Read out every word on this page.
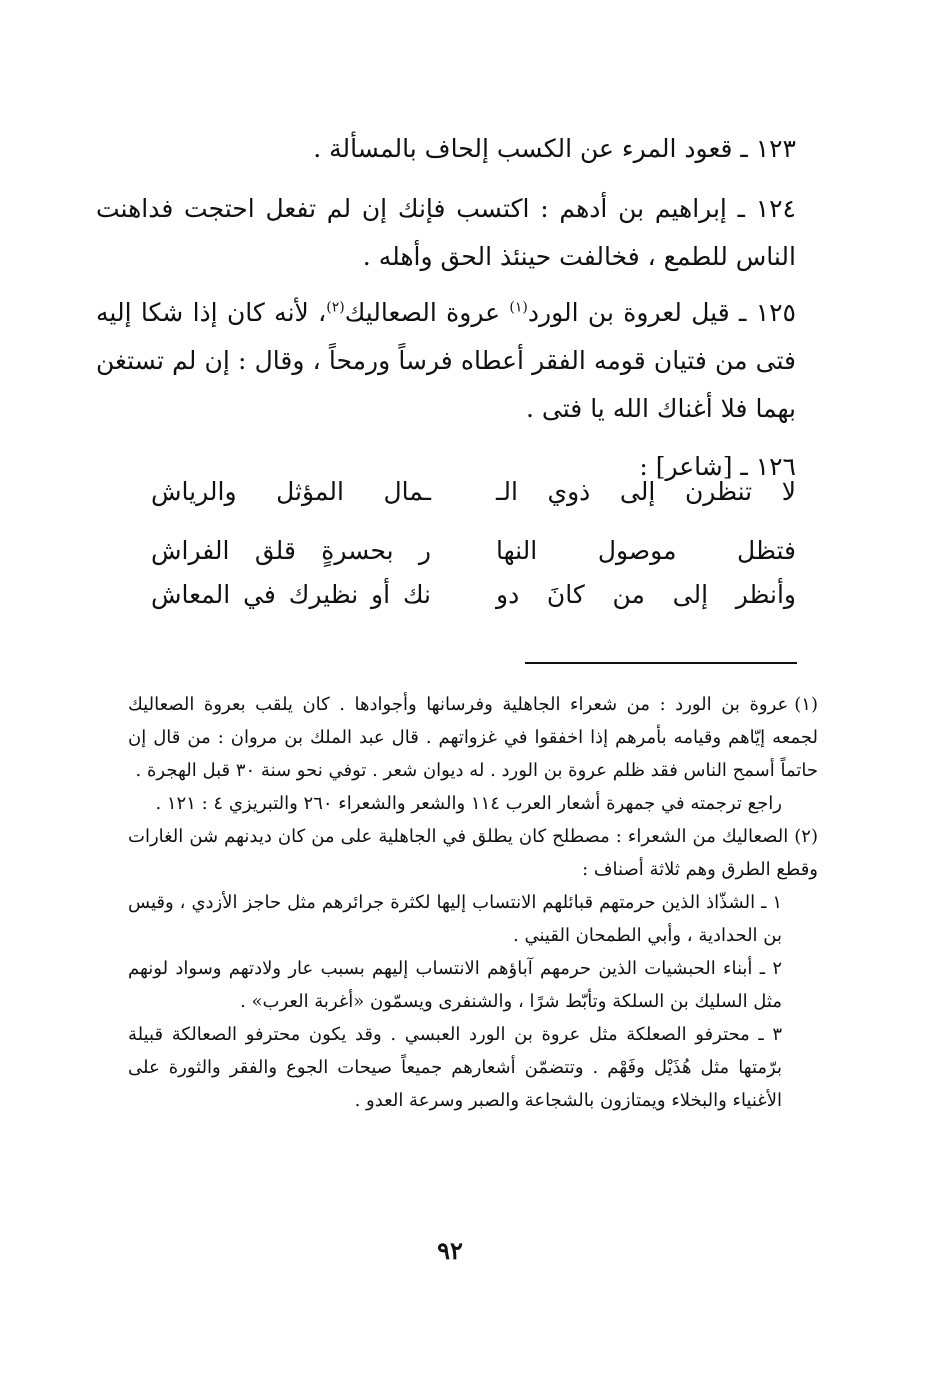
١٢٣ ـ قعود المرء عن الكسب إلحاف بالمسألة .

١٢٤ ـ إبراهيم بن أدهم : اكتسب فإنك إن لم تفعل احتجت فداهنت الناس للطمع ، فخالفت حينئذ الحق وأهله .

١٢٥ ـ قيل لعروة بن الورد$^{(١)}$ عروة الصعاليك$^{(٢)}$، لأنه كان إذا شكا إليه فتى من فتيان قومه الفقر أعطاه فرساً ورمحاً ، وقال : إن لم تستغن بهما فلا أغناك الله يا فتى .

١٢٦ ـ [شاعر] :

لا تنظرن إلى ذوي الـ
ـمال المؤثل والرياش
فتظل موصول النها
ر بحسرةٍ قلق الفراش
وأنظر إلى من كانَ دو
نك أو نظيرك في المعاش

(١)عروة بن الورد : من شعراء الجاهلية وفرسانها وأجوادها . كان يلقب بعروة الصعاليك لجمعه إيّاهم وقيامه بأمرهم إذا اخفقوا في غزواتهم . قال عبد الملك بن مروان : من قال إن حاتماً أسمح الناس فقد ظلم عروة بن الورد . له ديوان شعر . توفي نحو سنة ٣٠ قبل الهجرة .

راجع ترجمته في جمهرة أشعار العرب ١١٤ والشعر والشعراء ٢٦٠ والتبريزي ٤ : ١٢١ .

(٢)الصعاليك من الشعراء : مصطلح كان يطلق في الجاهلية على من كان ديدنهم شن الغارات وقطع الطرق وهم ثلاثة أصناف :

١ ـ الشذّاذ الذين حرمتهم قبائلهم الانتساب إليها لكثرة جرائرهم مثل حاجز الأزدي ، وقيس بن الحدادية ، وأبي الطمحان القيني .

٢ ـ أبناء الحبشيات الذين حرمهم آباؤهم الانتساب إليهم بسبب عار ولادتهم وسواد لونهم مثل السليك بن السلكة وتأبّط شرًا ، والشنفرى ويسمّون «أغربة العرب» .

٣ ـ محترفو الصعلكة مثل عروة بن الورد العبسي . وقد يكون محترفو الصعالكة قبيلة برّمتها مثل هُذَيْل وفَهْم . وتتضمّن أشعارهم جميعاً صيحات الجوع والفقر والثورة على الأغنياء والبخلاء ويمتازون بالشجاعة والصبر وسرعة العدو .

٩٢
